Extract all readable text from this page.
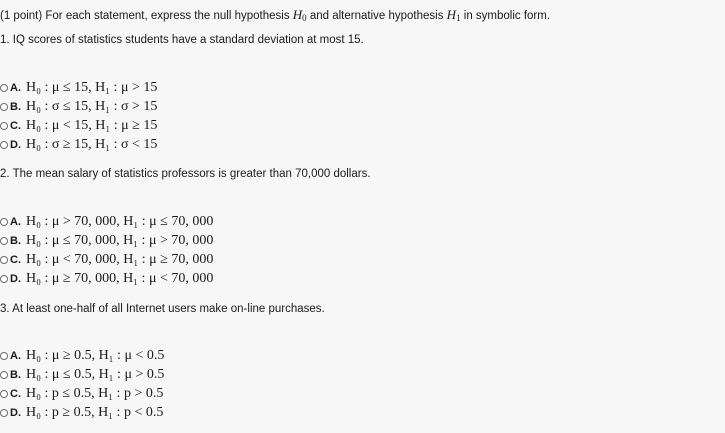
(1 point) For each statement, express the null hypothesis $H_0$ and alternative hypothesis $H_1$ in symbolic form.
1. IQ scores of statistics students have a standard deviation at most 15.
A. H₀ : μ ≤ 15, H₁ : μ > 15
B. H₀ : σ ≤ 15, H₁ : σ > 15
C. H₀ : μ < 15, H₁ : μ ≥ 15
D. H₀ : σ ≥ 15, H₁ : σ < 15
2. The mean salary of statistics professors is greater than 70,000 dollars.
A. H₀ : μ > 70, 000, H₁ : μ ≤ 70, 000
B. H₀ : μ ≤ 70, 000, H₁ : μ > 70, 000
C. H₀ : μ < 70, 000, H₁ : μ ≥ 70, 000
D. H₀ : μ ≥ 70, 000, H₁ : μ < 70, 000
3. At least one-half of all Internet users make on-line purchases.
A. H₀ : μ ≥ 0.5, H₁ : μ < 0.5
B. H₀ : μ ≤ 0.5, H₁ : μ > 0.5
C. H₀ : p ≤ 0.5, H₁ : p > 0.5
D. H₀ : p ≥ 0.5, H₁ : p < 0.5
